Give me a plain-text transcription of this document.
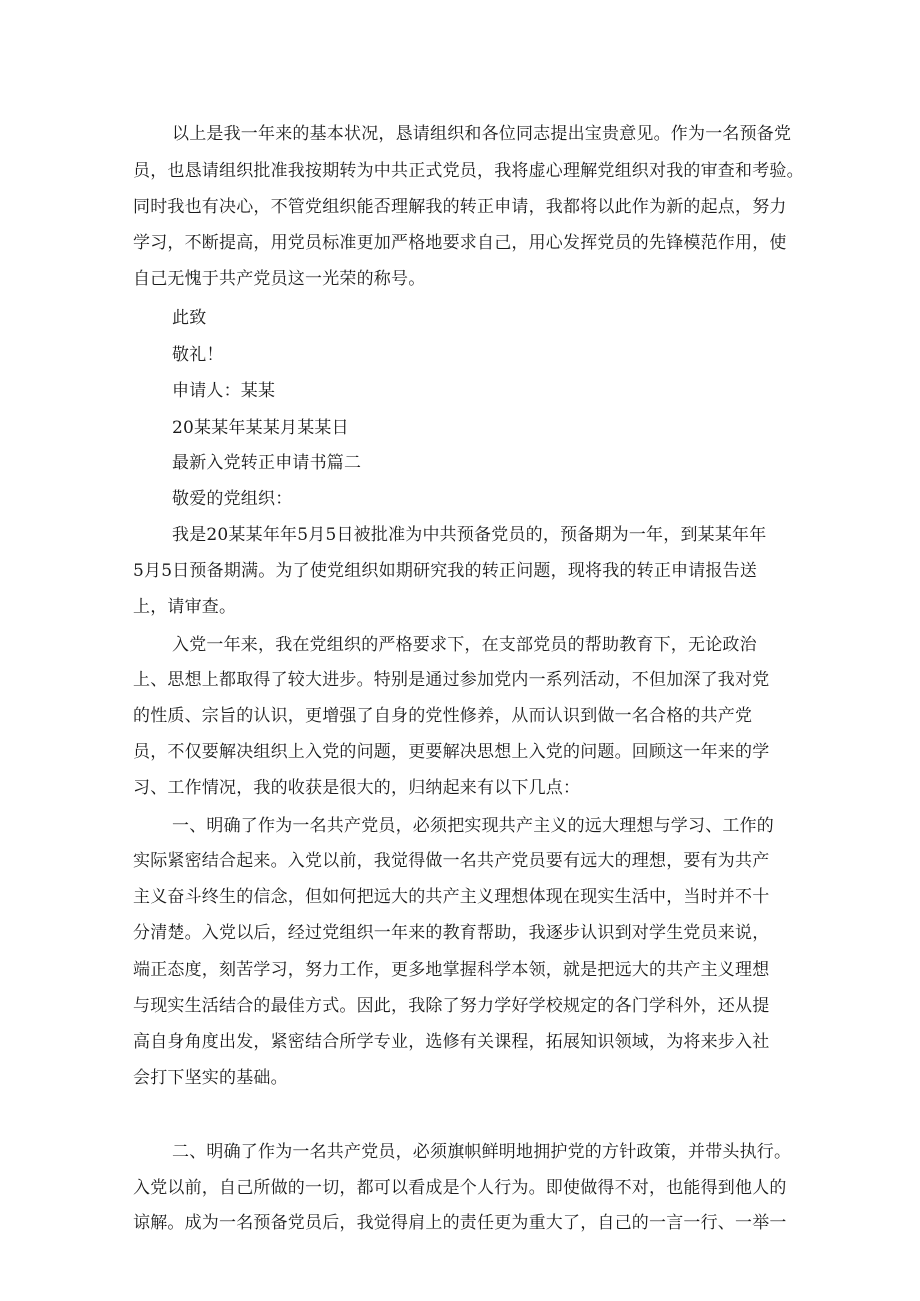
以上是我一年来的基本状况，恳请组织和各位同志提出宝贵意见。作为一名预备党
员，也恳请组织批准我按期转为中共正式党员，我将虚心理解党组织对我的审查和考验。
同时我也有决心，不管党组织能否理解我的转正申请，我都将以此作为新的起点，努力
学习，不断提高，用党员标准更加严格地要求自己，用心发挥党员的先锋模范作用，使
自己无愧于共产党员这一光荣的称号。
此致
敬礼！
申请人：某某
20某某年某某月某某日
最新入党转正申请书篇二
敬爱的党组织：
我是20某某年年5月5日被批准为中共预备党员的，预备期为一年，到某某年年
5月5日预备期满。为了使党组织如期研究我的转正问题，现将我的转正申请报告送
上，请审查。
入党一年来，我在党组织的严格要求下，在支部党员的帮助教育下，无论政治
上、思想上都取得了较大进步。特别是通过参加党内一系列活动，不但加深了我对党
的性质、宗旨的认识，更增强了自身的党性修养，从而认识到做一名合格的共产党
员，不仅要解决组织上入党的问题，更要解决思想上入党的问题。回顾这一年来的学
习、工作情况，我的收获是很大的，归纳起来有以下几点：
一、明确了作为一名共产党员，必须把实现共产主义的远大理想与学习、工作的
实际紧密结合起来。入党以前，我觉得做一名共产党员要有远大的理想，要有为共产
主义奋斗终生的信念，但如何把远大的共产主义理想体现在现实生活中，当时并不十
分清楚。入党以后，经过党组织一年来的教育帮助，我逐步认识到对学生党员来说，
端正态度，刻苦学习，努力工作，更多地掌握科学本领，就是把远大的共产主义理想
与现实生活结合的最佳方式。因此，我除了努力学好学校规定的各门学科外，还从提
高自身角度出发，紧密结合所学专业，选修有关课程，拓展知识领域，为将来步入社
会打下坚实的基础。
二、明确了作为一名共产党员，必须旗帜鲜明地拥护党的方针政策，并带头执行。
入党以前，自己所做的一切，都可以看成是个人行为。即使做得不对，也能得到他人的
谅解。成为一名预备党员后，我觉得肩上的责任更为重大了，自己的一言一行、一举一
